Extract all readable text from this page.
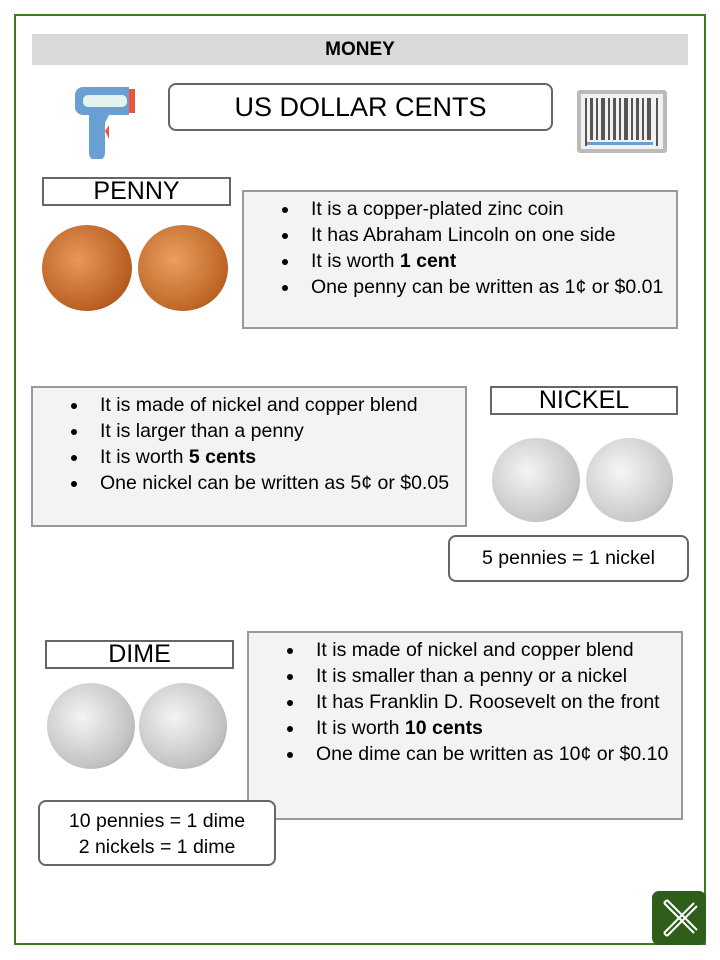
MONEY
US DOLLAR CENTS
PENNY
• It is a copper-plated zinc coin
• It has Abraham Lincoln on one side
• It is worth 1 cent
• One penny can be written as 1¢ or $0.01
• It is made of nickel and copper blend
• It is larger than a penny
• It is worth 5 cents
• One nickel can be written as 5¢ or $0.05
NICKEL
5 pennies = 1 nickel
DIME	• It is made of nickel and copper blend
• It is smaller than a penny or a nickel
• It has Franklin D. Roosevelt on the front
• It is worth 10 cents
• One dime can be written as 10¢ or $0.10
10 pennies = 1 dime
2 nickels = 1 dime
